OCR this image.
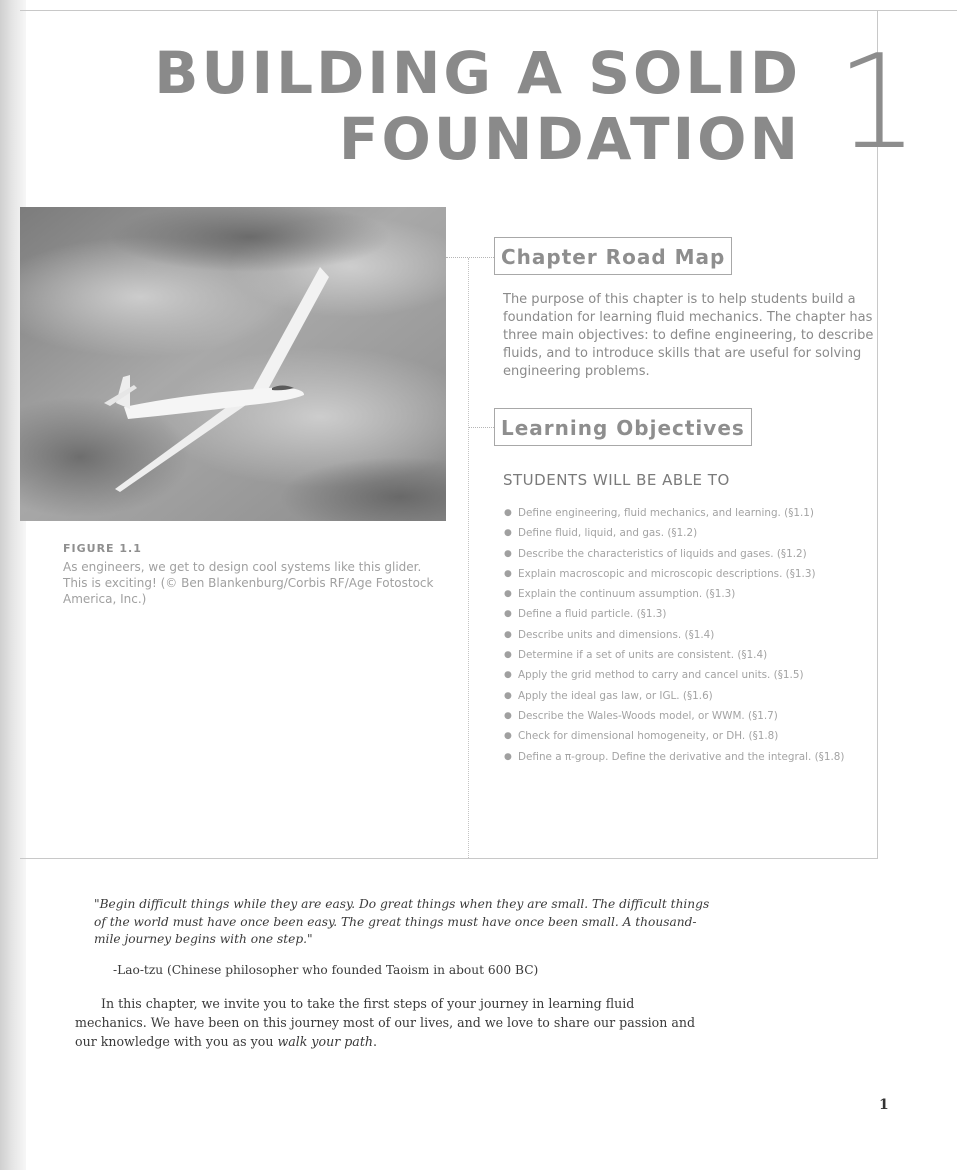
BUILDING A SOLID
FOUNDATION 1
FIGURE 1.1
As engineers, we get to design cool systems like this glider. This is exciting! (© Ben Blankenburg/Corbis RF/Age Fotostock America, Inc.)
Chapter Road Map

The purpose of this chapter is to help students build a foundation for learning fluid mechanics. The chapter has three main objectives: to define engineering, to describe fluids, and to introduce skills that are useful for solving engineering problems.

Learning Objectives
STUDENTS WILL BE ABLE TO
● Define engineering, fluid mechanics, and learning. (§1.1)
● Define fluid, liquid, and gas. (§1.2)
● Describe the characteristics of liquids and gases. (§1.2)
● Explain macroscopic and microscopic descriptions. (§1.3)
● Explain the continuum assumption. (§1.3)
● Define a fluid particle. (§1.3)
● Describe units and dimensions. (§1.4)
● Determine if a set of units are consistent. (§1.4)
● Apply the grid method to carry and cancel units. (§1.5)
● Apply the ideal gas law, or IGL. (§1.6)
● Describe the Wales-Woods model, or WWM. (§1.7)
● Check for dimensional homogeneity, or DH. (§1.8)
● Define a π-group. Define the derivative and the integral. (§1.8)

"Begin difficult things while they are easy. Do great things when they are small. The difficult things of the world must have once been easy. The great things must have once been small. A thousand-mile journey begins with one step."

-Lao-tzu (Chinese philosopher who founded Taoism in about 600 BC)

In this chapter, we invite you to take the first steps of your journey in learning fluid mechanics. We have been on this journey most of our lives, and we love to share our passion and our knowledge with you as you walk your path.

1
